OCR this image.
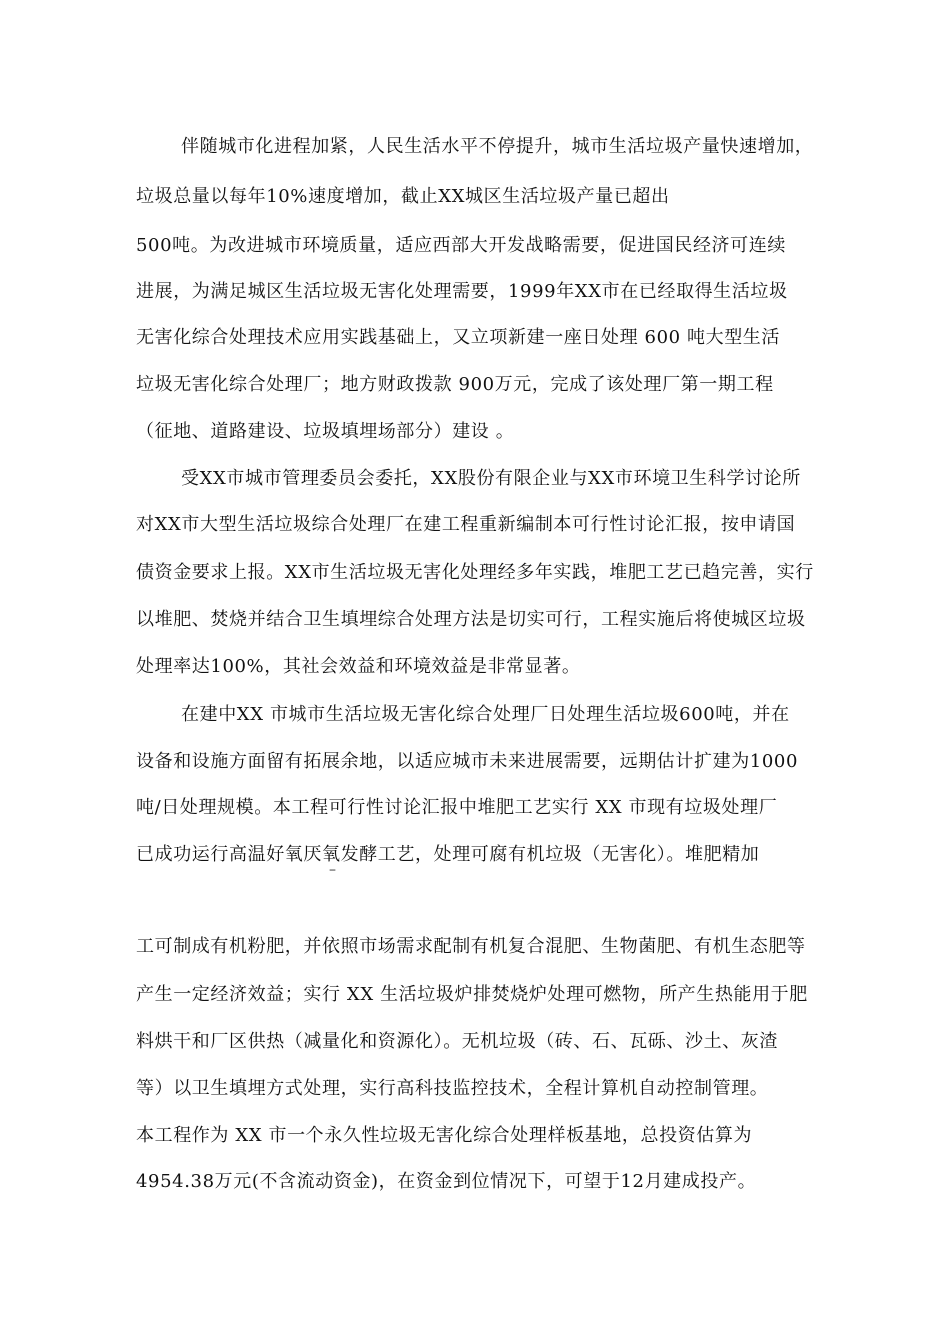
伴随城市化进程加紧，人民生活水平不停提升，城市生活垃圾产量快速增加，
垃圾总量以每年10%速度增加，截止XX城区生活垃圾产量已超出
500吨。为改进城市环境质量，适应西部大开发战略需要，促进国民经济可连续
进展，为满足城区生活垃圾无害化处理需要，1999年XX市在已经取得生活垃圾
无害化综合处理技术应用实践基础上，又立项新建一座日处理 600 吨大型生活
垃圾无害化综合处理厂；地方财政拨款 900万元，完成了该处理厂第一期工程
（征地、道路建设、垃圾填埋场部分）建设 。
受XX市城市管理委员会委托，XX股份有限企业与XX市环境卫生科学讨论所
对XX市大型生活垃圾综合处理厂在建工程重新编制本可行性讨论汇报，按申请国
债资金要求上报。XX市生活垃圾无害化处理经多年实践，堆肥工艺已趋完善，实行
以堆肥、焚烧并结合卫生填埋综合处理方法是切实可行，工程实施后将使城区垃圾
处理率达100%，其社会效益和环境效益是非常显著。
在建中XX 市城市生活垃圾无害化综合处理厂日处理生活垃圾600吨，并在
设备和设施方面留有拓展余地，以适应城市未来进展需要，远期估计扩建为1000
吨/日处理规模。本工程可行性讨论汇报中堆肥工艺实行 XX 市现有垃圾处理厂
已成功运行高温好氧厌氧发酵工艺，处理可腐有机垃圾（无害化）。堆肥精加
–
工可制成有机粉肥，并依照市场需求配制有机复合混肥、生物菌肥、有机生态肥等
产生一定经济效益；实行 XX 生活垃圾炉排焚烧炉处理可燃物，所产生热能用于肥
料烘干和厂区供热（减量化和资源化）。无机垃圾（砖、石、瓦砾、沙土、灰渣
等）以卫生填埋方式处理，实行高科技监控技术，全程计算机自动控制管理。
本工程作为 XX 市一个永久性垃圾无害化综合处理样板基地，总投资估算为
4954.38万元(不含流动资金)，在资金到位情况下，可望于12月建成投产。
